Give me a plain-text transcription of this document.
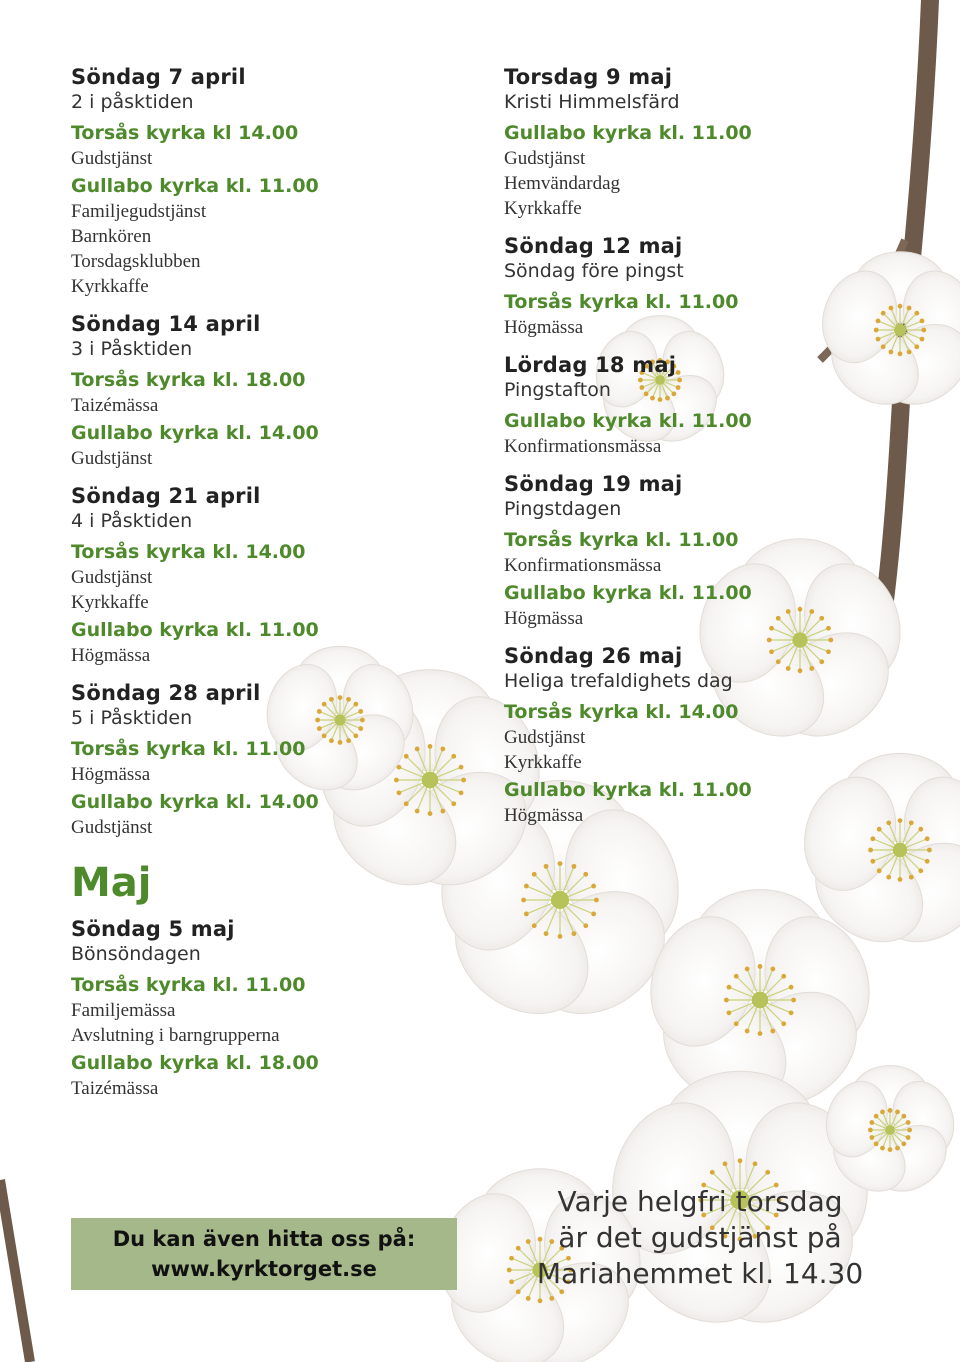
Söndag 7 april
2 i påsktiden
Torsås kyrka kl 14.00
Gudstjänst
Gullabo kyrka kl. 11.00
Familjegudstjänst
Barnkören
Torsdagsklubben
Kyrkkaffe
Söndag 14 april
3 i Påsktiden
Torsås kyrka kl. 18.00
Taizémässa
Gullabo kyrka kl. 14.00
Gudstjänst
Söndag 21 april
4 i Påsktiden
Torsås kyrka kl. 14.00
Gudstjänst
Kyrkkaffe
Gullabo kyrka kl. 11.00
Högmässa
Söndag 28 april
5 i Påsktiden
Torsås kyrka kl. 11.00
Högmässa
Gullabo kyrka kl. 14.00
Gudstjänst
Maj
Söndag 5 maj
Bönsöndagen
Torsås kyrka kl. 11.00
Familjemässa
Avslutning i barngrupperna
Gullabo kyrka kl. 18.00
Taizémässa
Torsdag 9 maj
Kristi Himmelsfärd
Gullabo kyrka kl. 11.00
Gudstjänst
Hemvändardag
Kyrkkaffe
Söndag 12 maj
Söndag före pingst
Torsås kyrka kl. 11.00
Högmässa
Lördag 18 maj
Pingstafton
Gullabo kyrka kl. 11.00
Konfirmationsmässa
Söndag 19 maj
Pingstdagen
Torsås kyrka kl. 11.00
Konfirmationsmässa
Gullabo kyrka kl. 11.00
Högmässa
Söndag 26 maj
Heliga trefaldighets dag
Torsås kyrka kl. 14.00
Gudstjänst
Kyrkkaffe
Gullabo kyrka kl. 11.00
Högmässa
Du kan även hitta oss på:
www.kyrktorget.se
Varje helgfri torsdag
är det gudstjänst på
Mariahemmet kl. 14.30
